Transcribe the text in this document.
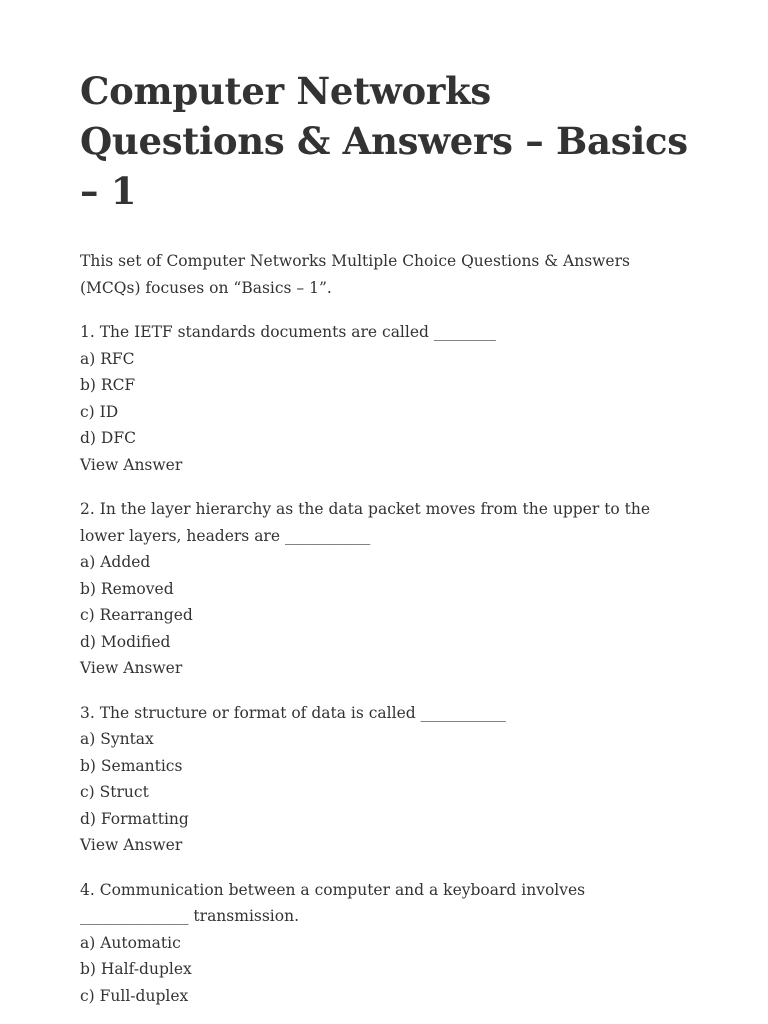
Computer Networks Questions & Answers – Basics – 1

This set of Computer Networks Multiple Choice Questions & Answers (MCQs) focuses on “Basics – 1”.

1. The IETF standards documents are called ________
a) RFC
b) RCF
c) ID
d) DFC
View Answer
2. In the layer hierarchy as the data packet moves from the upper to the lower layers, headers are ___________
a) Added
b) Removed
c) Rearranged
d) Modified
View Answer
3. The structure or format of data is called ___________
a) Syntax
b) Semantics
c) Struct
d) Formatting
View Answer
4. Communication between a computer and a keyboard involves ______________ transmission.
a) Automatic
b) Half-duplex
c) Full-duplex
